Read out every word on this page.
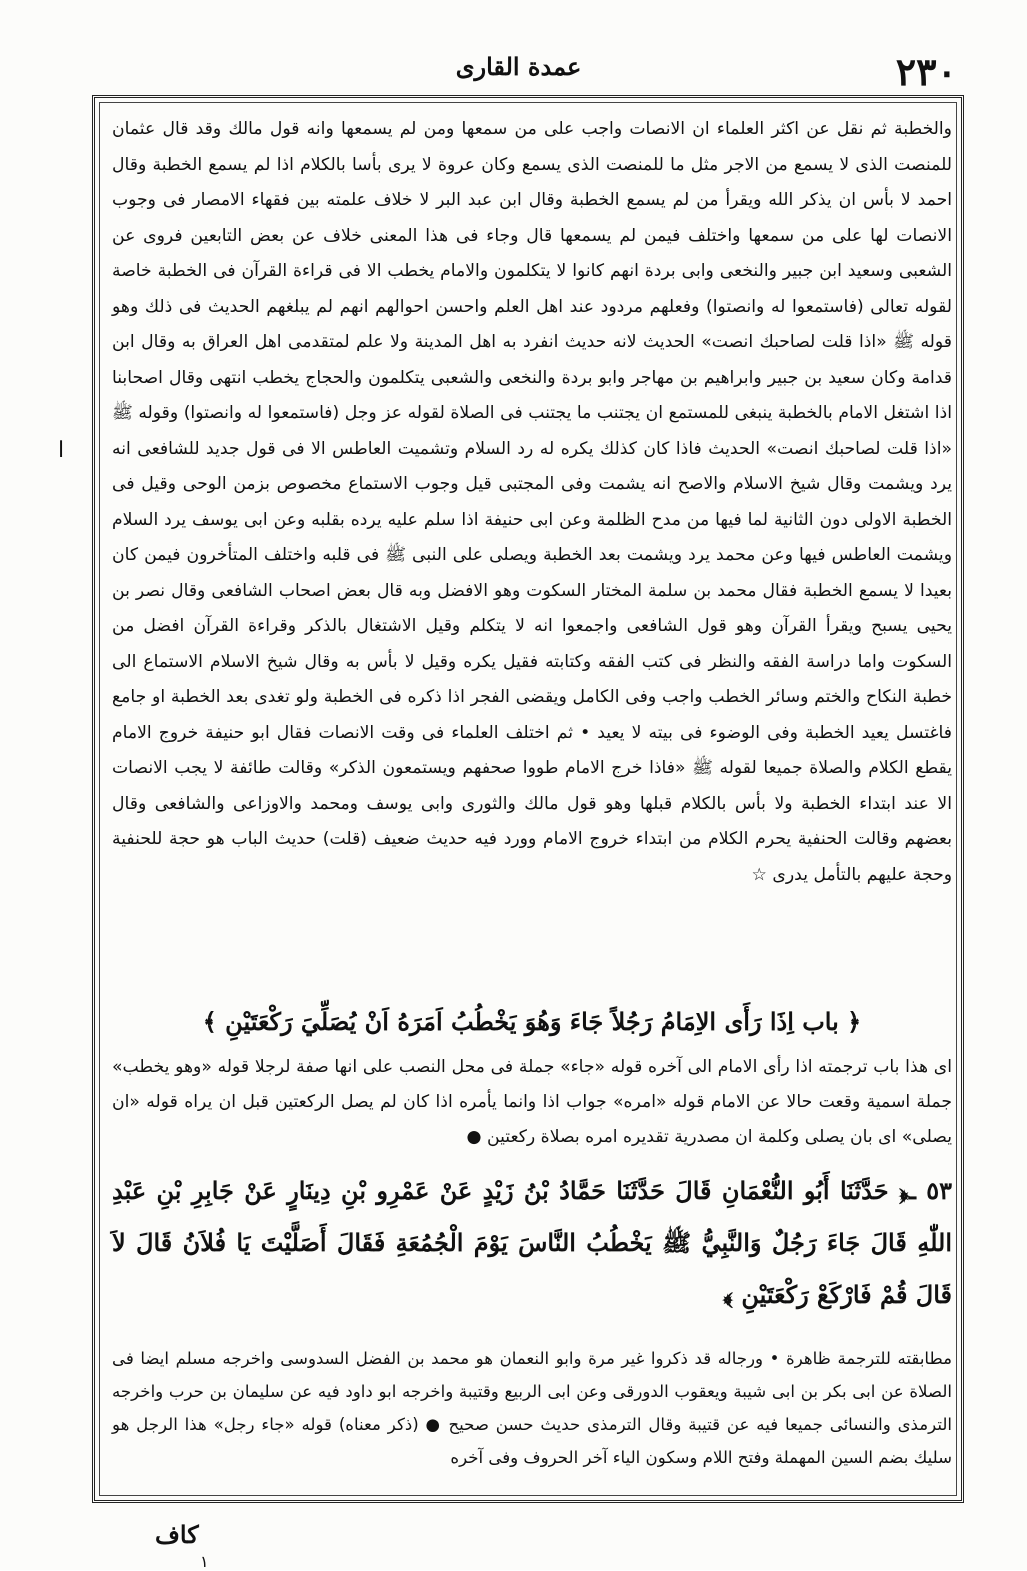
۲۳۰
عمدة القاری
ا

والخطبة ثم نقل عن اكثر العلماء ان الانصات واجب على من سمعها ومن لم يسمعها وانه قول مالك وقد قال عثمان للمنصت الذى لا يسمع من الاجر مثل ما للمنصت الذى يسمع وكان عروة لا يرى بأسا بالكلام اذا لم يسمع الخطبة وقال احمد لا بأس ان يذكر الله ويقرأ من لم يسمع الخطبة وقال ابن عبد البر لا خلاف علمته بين فقهاء الامصار فى وجوب الانصات لها على من سمعها واختلف فيمن لم يسمعها قال وجاء فى هذا المعنى خلاف عن بعض التابعين فروى عن الشعبى وسعيد ابن جبير والنخعى وابى بردة انهم كانوا لا يتكلمون والامام يخطب الا فى قراءة القرآن فى الخطبة خاصة لقوله تعالى (فاستمعوا له وانصتوا) وفعلهم مردود عند اهل العلم واحسن احوالهم انهم لم يبلغهم الحديث فى ذلك وهو قوله ﷺ «اذا قلت لصاحبك انصت» الحديث لانه حديث انفرد به اهل المدينة ولا علم لمتقدمى اهل العراق به وقال ابن قدامة وكان سعيد بن جبير وابراهيم بن مهاجر وابو بردة والنخعى والشعبى يتكلمون والحجاج يخطب انتهى وقال اصحابنا اذا اشتغل الامام بالخطبة ينبغى للمستمع ان يجتنب ما يجتنب فى الصلاة لقوله عز وجل (فاستمعوا له وانصتوا) وقوله ﷺ «اذا قلت لصاحبك انصت» الحديث فاذا كان كذلك يكره له رد السلام وتشميت العاطس الا فى قول جديد للشافعى انه يرد ويشمت وقال شيخ الاسلام والاصح انه يشمت وفى المجتبى قيل وجوب الاستماع مخصوص بزمن الوحى وقيل فى الخطبة الاولى دون الثانية لما فيها من مدح الظلمة وعن ابى حنيفة اذا سلم عليه يرده بقلبه وعن ابى يوسف يرد السلام ويشمت العاطس فيها وعن محمد يرد ويشمت بعد الخطبة ويصلى على النبى ﷺ فى قلبه واختلف المتأخرون فيمن كان بعيدا لا يسمع الخطبة فقال محمد بن سلمة المختار السكوت وهو الافضل وبه قال بعض اصحاب الشافعى وقال نصر بن يحيى يسبح ويقرأ القرآن وهو قول الشافعى واجمعوا انه لا يتكلم وقيل الاشتغال بالذكر وقراءة القرآن افضل من السكوت واما دراسة الفقه والنظر فى كتب الفقه وكتابته فقيل يكره وقيل لا بأس به وقال شيخ الاسلام الاستماع الى خطبة النكاح والختم وسائر الخطب واجب وفى الكامل ويقضى الفجر اذا ذكره فى الخطبة ولو تغدى بعد الخطبة او جامع فاغتسل يعيد الخطبة وفى الوضوء فى بيته لا يعيد • ثم اختلف العلماء فى وقت الانصات فقال ابو حنيفة خروج الامام يقطع الكلام والصلاة جميعا لقوله ﷺ «فاذا خرج الامام طووا صحفهم ويستمعون الذكر» وقالت طائفة لا يجب الانصات الا عند ابتداء الخطبة ولا بأس بالكلام قبلها وهو قول مالك والثورى وابى يوسف ومحمد والاوزاعى والشافعى وقال بعضهم وقالت الحنفية يحرم الكلام من ابتداء خروج الامام وورد فيه حديث ضعيف (قلت) حديث الباب هو حجة للحنفية وحجة عليهم بالتأمل يدرى ☆

﴿ باب اِذَا رَأَى الاِمَامُ رَجُلاً جَاءَ وَهُوَ يَخْطُبُ اَمَرَهُ اَنْ يُصَلِّيَ رَكْعَتَيْنِ ﴾
اى هذا باب ترجمته اذا رأى الامام الى آخره قوله «جاء» جملة فى محل النصب على انها صفة لرجلا قوله «وهو يخطب» جملة اسمية وقعت حالا عن الامام قوله «امره» جواب اذا وانما يأمره اذا كان لم يصل الركعتين قبل ان يراه قوله «ان يصلى» اى بان يصلى وكلمة ان مصدرية تقديره امره بصلاة ركعتين ●
٥٣ ـ﴿ حَدَّثَنَا أَبُو النُّعْمَانِ قَالَ حَدَّثَنَا حَمَّادُ بْنُ زَيْدٍ عَنْ عَمْرِو بْنِ دِينَارٍ عَنْ جَابِرِ بْنِ عَبْدِ اللّٰهِ قَالَ جَاءَ رَجُلٌ وَالنَّبِيُّ ﷺ يَخْطُبُ النَّاسَ يَوْمَ الْجُمُعَةِ فَقَالَ أَصَلَّيْتَ يَا فُلاَنُ قَالَ لاَ قَالَ قُمْ فَارْكَعْ رَكْعَتَيْنِ ﴾
مطابقته للترجمة ظاهرة • ورجاله قد ذكروا غير مرة وابو النعمان هو محمد بن الفضل السدوسى واخرجه مسلم ايضا فى الصلاة عن ابى بكر بن ابى شيبة ويعقوب الدورقى وعن ابى الربيع وقتيبة واخرجه ابو داود فيه عن سليمان بن حرب واخرجه الترمذى والنسائى جميعا فيه عن قتيبة وقال الترمذى حديث حسن صحيح ● (ذكر معناه) قوله «جاء رجل» هذا الرجل هو سليك بضم السين المهملة وفتح اللام وسكون الياء آخر الحروف وفى آخره
كاف
١
